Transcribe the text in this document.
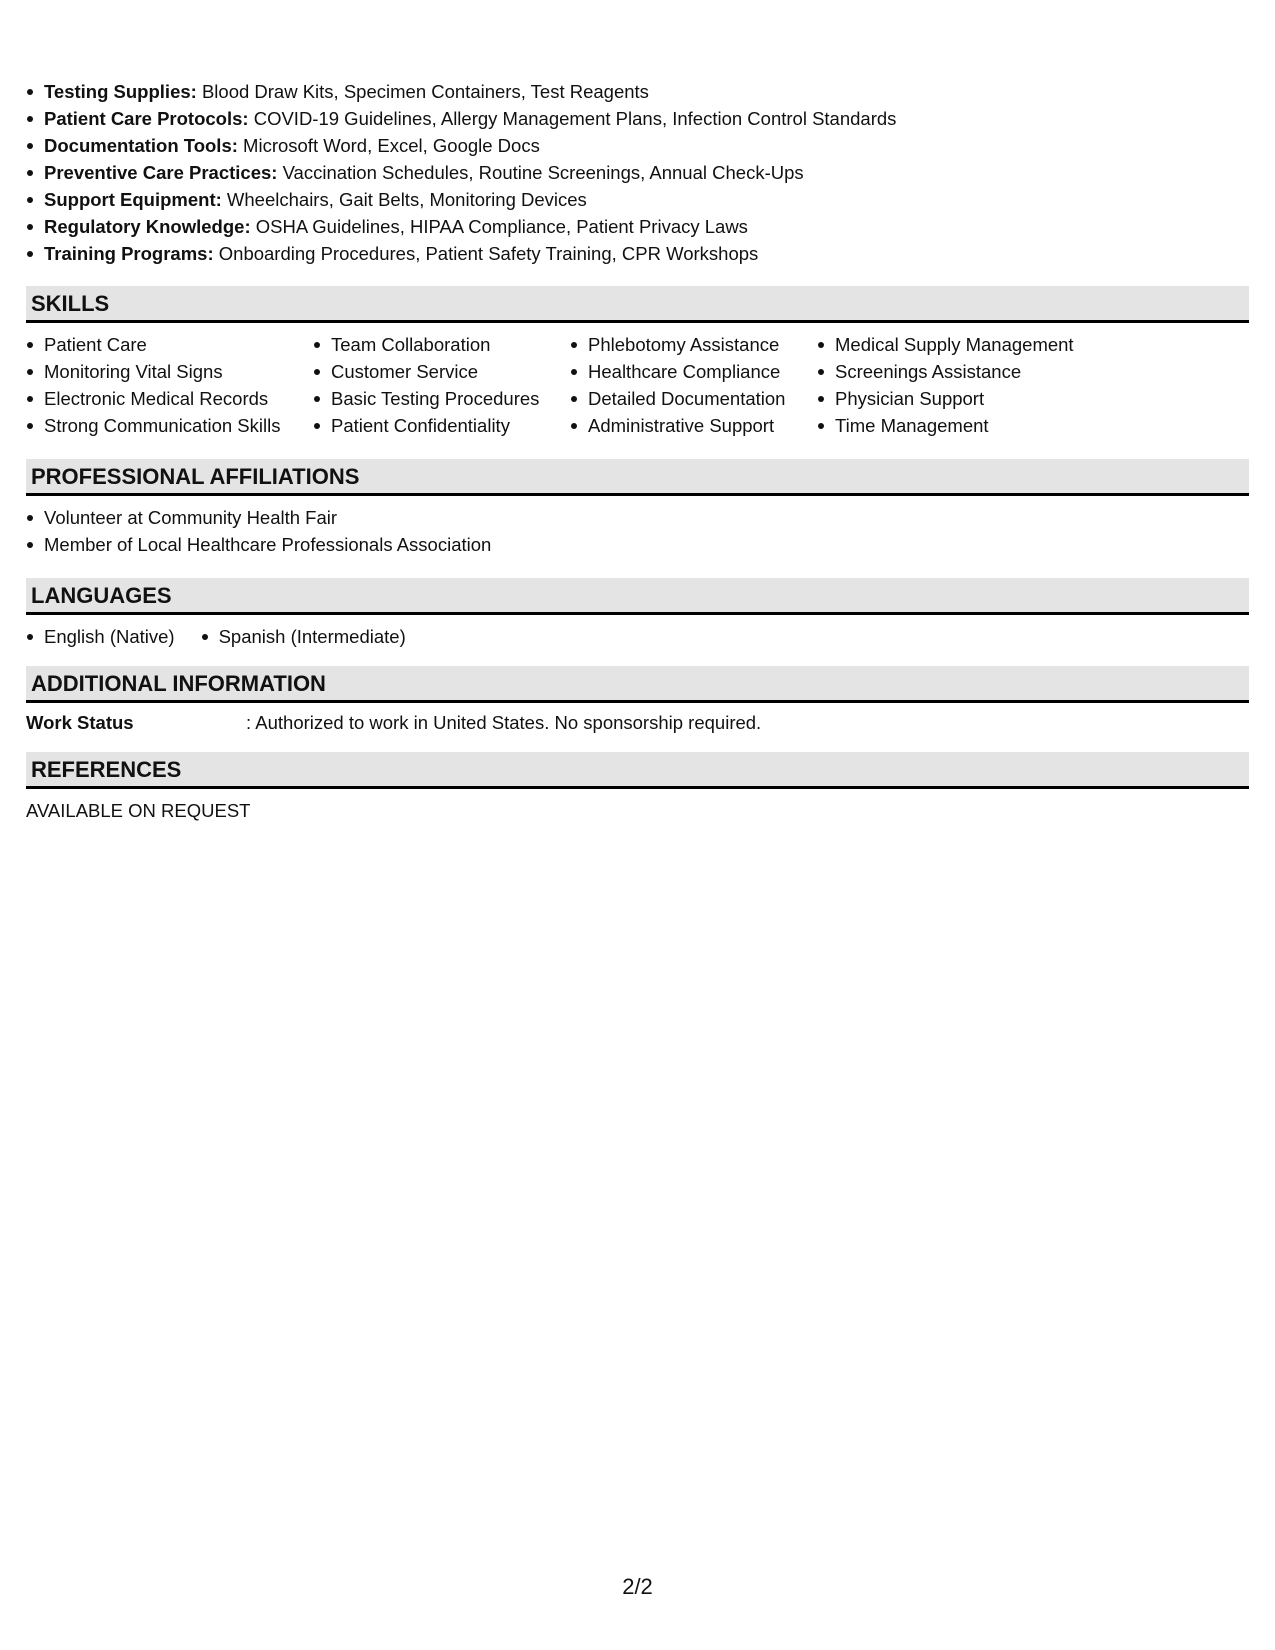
Testing Supplies: Blood Draw Kits, Specimen Containers, Test Reagents
Patient Care Protocols: COVID-19 Guidelines, Allergy Management Plans, Infection Control Standards
Documentation Tools: Microsoft Word, Excel, Google Docs
Preventive Care Practices: Vaccination Schedules, Routine Screenings, Annual Check-Ups
Support Equipment: Wheelchairs, Gait Belts, Monitoring Devices
Regulatory Knowledge: OSHA Guidelines, HIPAA Compliance, Patient Privacy Laws
Training Programs: Onboarding Procedures, Patient Safety Training, CPR Workshops
SKILLS
Patient Care
Monitoring Vital Signs
Electronic Medical Records
Strong Communication Skills
Team Collaboration
Customer Service
Basic Testing Procedures
Patient Confidentiality
Phlebotomy Assistance
Healthcare Compliance
Detailed Documentation
Administrative Support
Medical Supply Management
Screenings Assistance
Physician Support
Time Management
PROFESSIONAL AFFILIATIONS
Volunteer at Community Health Fair
Member of Local Healthcare Professionals Association
LANGUAGES
English (Native)	Spanish (Intermediate)
ADDITIONAL INFORMATION
Work Status	: Authorized to work in United States. No sponsorship required.
REFERENCES
AVAILABLE ON REQUEST
2/2
